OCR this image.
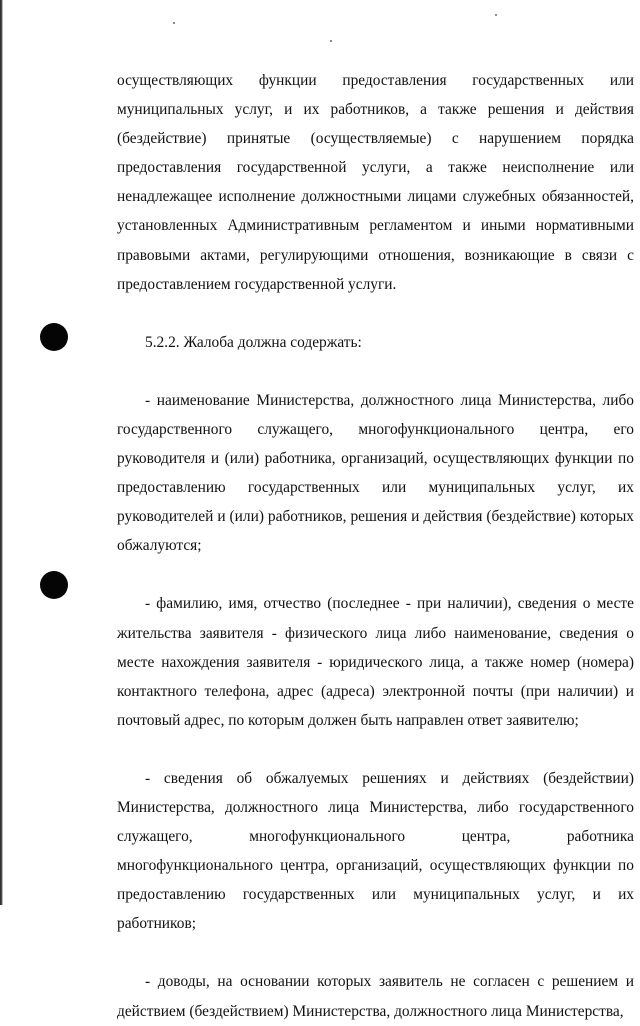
осуществляющих функции предоставления государственных или муниципальных услуг, и их работников, а также решения и действия (бездействие) принятые (осуществляемые) с нарушением порядка предоставления государственной услуги, а также неисполнение или ненадлежащее исполнение должностными лицами служебных обязанностей, установленных Административным регламентом и иными нормативными правовыми актами, регулирующими отношения, возникающие в связи с предоставлением государственной услуги.

5.2.2. Жалоба должна содержать:

- наименование Министерства, должностного лица Министерства, либо государственного служащего, многофункционального центра, его руководителя и (или) работника, организаций, осуществляющих функции по предоставлению государственных или муниципальных услуг, их руководителей и (или) работников, решения и действия (бездействие) которых обжалуются;

- фамилию, имя, отчество (последнее - при наличии), сведения о месте жительства заявителя - физического лица либо наименование, сведения о месте нахождения заявителя - юридического лица, а также номер (номера) контактного телефона, адрес (адреса) электронной почты (при наличии) и почтовый адрес, по которым должен быть направлен ответ заявителю;

- сведения об обжалуемых решениях и действиях (бездействии) Министерства, должностного лица Министерства, либо государственного служащего, многофункционального центра, работника многофункционального центра, организаций, осуществляющих функции по предоставлению государственных или муниципальных услуг, и их работников;

- доводы, на основании которых заявитель не согласен с решением и действием (бездействием) Министерства, должностного лица Министерства,
